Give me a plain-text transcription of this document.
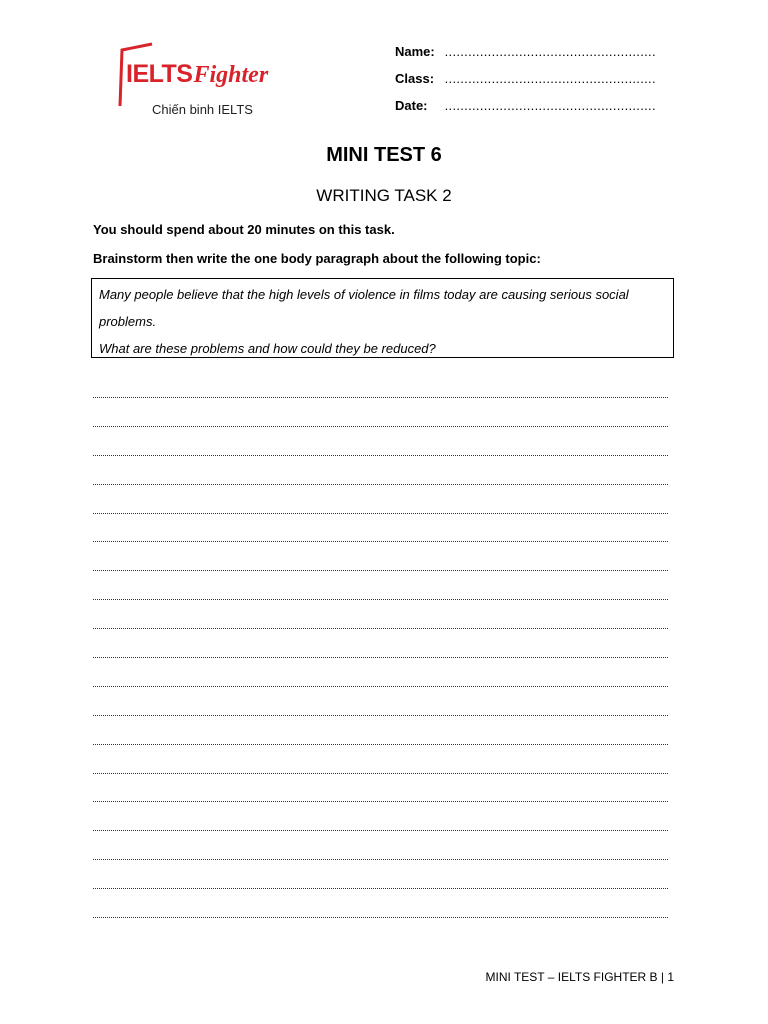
IELTSFighter
Chiến binh IELTS
Name: ......................................................
Class: ......................................................
Date: ......................................................
MINI TEST 6
WRITING TASK 2
You should spend about 20 minutes on this task.
Brainstorm then write the one body paragraph about the following topic:
Many people believe that the high levels of violence in films today are causing serious social
problems.
What are these problems and how could they be reduced?
MINI TEST – IELTS FIGHTER B | 1
